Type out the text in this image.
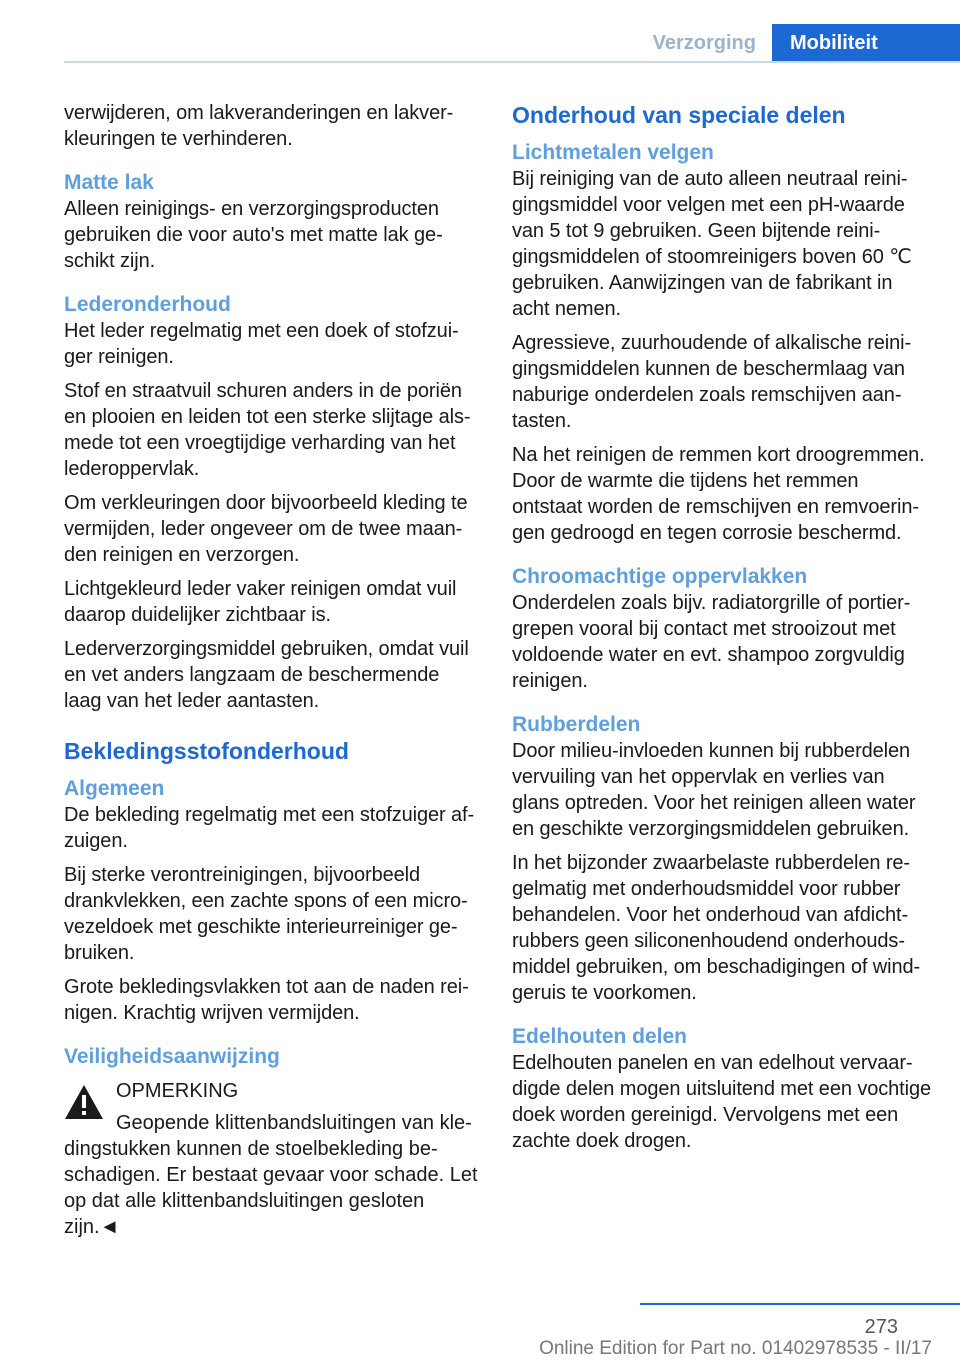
Verzorging	Mobiliteit

verwijderen, om lakveranderingen en lakverkleuringen te verhinderen.

Matte lak

Alleen reinigings- en verzorgingsproducten gebruiken die voor auto's met matte lak geschikt zijn.

Lederonderhoud

Het leder regelmatig met een doek of stofzuiger reinigen.

Stof en straatvuil schuren anders in de poriën en plooien en leiden tot een sterke slijtage alsmede tot een vroegtijdige verharding van het lederoppervlak.

Om verkleuringen door bijvoorbeeld kleding te vermijden, leder ongeveer om de twee maanden reinigen en verzorgen.

Lichtgekleurd leder vaker reinigen omdat vuil daarop duidelijker zichtbaar is.

Lederverzorgingsmiddel gebruiken, omdat vuil en vet anders langzaam de beschermende laag van het leder aantasten.

Bekledingsstofonderhoud
Algemeen

De bekleding regelmatig met een stofzuiger afzuigen.

Bij sterke verontreinigingen, bijvoorbeeld drankvlekken, een zachte spons of een microvezeldoek met geschikte interieurreiniger gebruiken.

Grote bekledingsvlakken tot aan de naden reinigen. Krachtig wrijven vermijden.

Veiligheidsaanwijzing
OPMERKING

Geopende klittenbandsluitingen van kledingstukken kunnen de stoelbekleding beschadigen. Er bestaat gevaar voor schade. Let op dat alle klittenbandsluitingen gesloten zijn.◄

Onderhoud van speciale delen
Lichtmetalen velgen

Bij reiniging van de auto alleen neutraal reinigingsmiddel voor velgen met een pH-waarde van 5 tot 9 gebruiken. Geen bijtende reinigingsmiddelen of stoomreinigers boven 60 ℃ gebruiken. Aanwijzingen van de fabrikant in acht nemen.

Agressieve, zuurhoudende of alkalische reinigingsmiddelen kunnen de beschermlaag van naburige onderdelen zoals remschijven aantasten.

Na het reinigen de remmen kort droogremmen. Door de warmte die tijdens het remmen ontstaat worden de remschijven en remvoeringen gedroogd en tegen corrosie beschermd.

Chroomachtige oppervlakken

Onderdelen zoals bijv. radiatorgrille of portiergrepen vooral bij contact met strooizout met voldoende water en evt. shampoo zorgvuldig reinigen.

Rubberdelen

Door milieu-invloeden kunnen bij rubberdelen vervuiling van het oppervlak en verlies van glans optreden. Voor het reinigen alleen water en geschikte verzorgingsmiddelen gebruiken.

In het bijzonder zwaarbelaste rubberdelen regelmatig met onderhoudsmiddel voor rubber behandelen. Voor het onderhoud van afdichtrubbers geen siliconenhoudend onderhoudsmiddel gebruiken, om beschadigingen of windgeruis te voorkomen.

Edelhouten delen

Edelhouten panelen en van edelhout vervaardigde delen mogen uitsluitend met een vochtige doek worden gereinigd. Vervolgens met een zachte doek drogen.

273
Online Edition for Part no. 01402978535 - II/17
